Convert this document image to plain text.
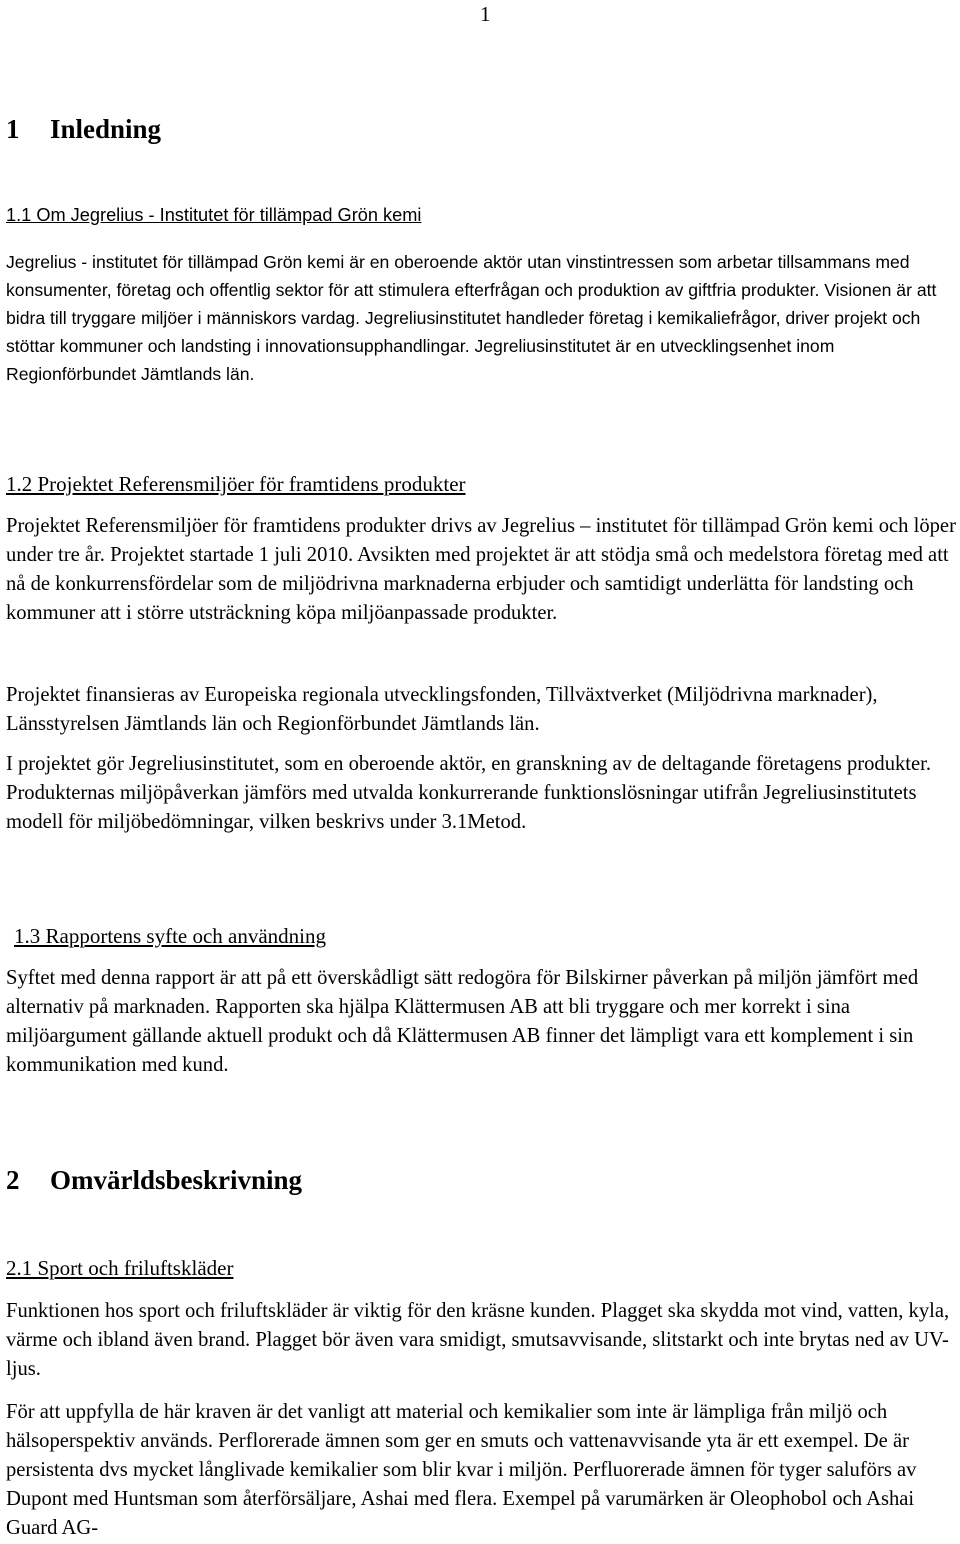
1
1 Inledning
1.1 Om Jegrelius - Institutet för tillämpad Grön kemi

Jegrelius - institutet för tillämpad Grön kemi är en oberoende aktör utan vinstintressen som arbetar tillsammans med konsumenter, företag och offentlig sektor för att stimulera efterfrågan och produktion av giftfria produkter. Visionen är att bidra till tryggare miljöer i människors vardag. Jegreliusinstitutet handleder företag i kemikaliefrågor, driver projekt och stöttar kommuner och landsting i innovationsupphandlingar. Jegreliusinstitutet är en utvecklingsenhet inom Regionförbundet Jämtlands län.

1.2 Projektet Referensmiljöer för framtidens produkter

Projektet Referensmiljöer för framtidens produkter drivs av Jegrelius – institutet för tillämpad Grön kemi och löper under tre år. Projektet startade 1 juli 2010. Avsikten med projektet är att stödja små och medelstora företag med att nå de konkurrensfördelar som de miljödrivna marknaderna erbjuder och samtidigt underlätta för landsting och kommuner att i större utsträckning köpa miljöanpassade produkter.

Projektet finansieras av Europeiska regionala utvecklingsfonden, Tillväxtverket (Miljödrivna marknader), Länsstyrelsen Jämtlands län och Regionförbundet Jämtlands län.

I projektet gör Jegreliusinstitutet, som en oberoende aktör, en granskning av de deltagande företagens produkter. Produkternas miljöpåverkan jämförs med utvalda konkurrerande funktionslösningar utifrån Jegreliusinstitutets modell för miljöbedömningar, vilken beskrivs under 3.1Metod.

1.3 Rapportens syfte och användning

Syftet med denna rapport är att på ett överskådligt sätt redogöra för Bilskirner påverkan på miljön jämfört med alternativ på marknaden. Rapporten ska hjälpa Klättermusen AB att bli tryggare och mer korrekt i sina miljöargument gällande aktuell produkt och då Klättermusen AB finner det lämpligt vara ett komplement i sin kommunikation med kund.

2 Omvärldsbeskrivning
2.1 Sport och friluftskläder

Funktionen hos sport och friluftskläder är viktig för den kräsne kunden. Plagget ska skydda mot vind, vatten, kyla, värme och ibland även brand. Plagget bör även vara smidigt, smutsavvisande, slitstarkt och inte brytas ned av UV-ljus.

För att uppfylla de här kraven är det vanligt att material och kemikalier som inte är lämpliga från miljö och hälsoperspektiv används. Perflorerade ämnen som ger en smuts och vattenavvisande yta är ett exempel. De är persistenta dvs mycket långlivade kemikalier som blir kvar i miljön. Perfluorerade ämnen för tyger saluförs av Dupont med Huntsman som återförsäljare, Ashai med flera. Exempel på varumärken är Oleophobol och Ashai Guard AG-
